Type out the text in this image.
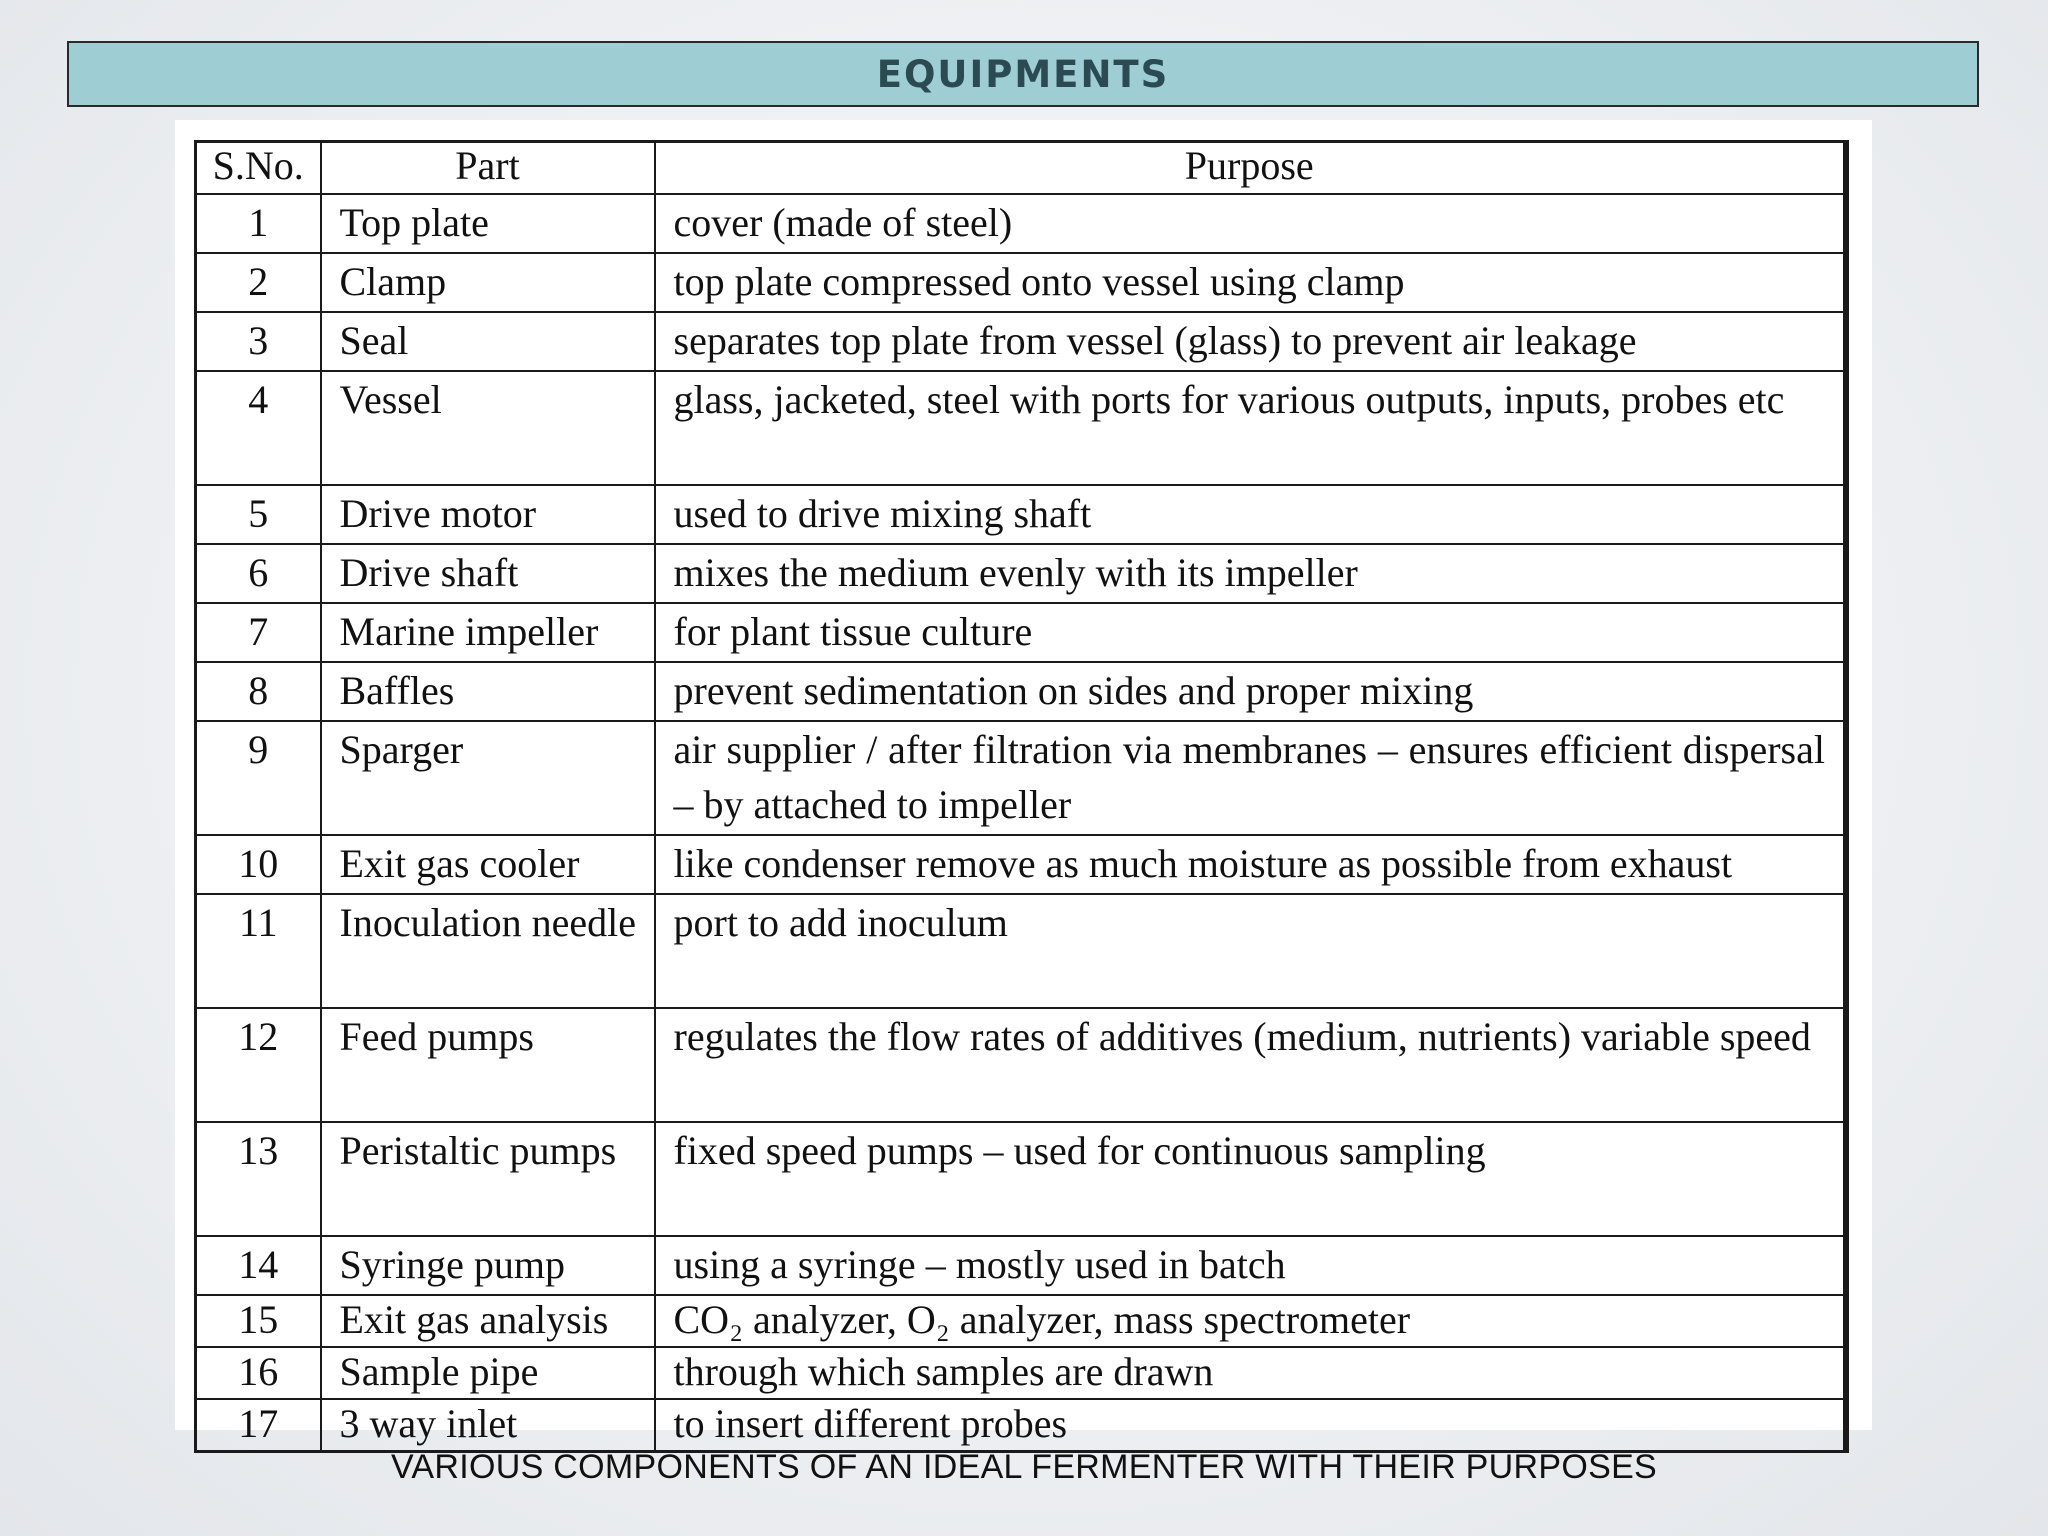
EQUIPMENTS
S.No.	Part	Purpose
1	Top plate	cover (made of steel)
2	Clamp	top plate compressed onto vessel using clamp
3	Seal	separates top plate from vessel (glass) to prevent air leakage
4	Vessel	glass, jacketed, steel with ports for various outputs, inputs, probes etc
5	Drive motor	used to drive mixing shaft
6	Drive shaft	mixes the medium evenly with its impeller
7	Marine impeller	for plant tissue culture
8	Baffles	prevent sedimentation on sides and proper mixing
9	Sparger	air supplier / after filtration via membranes – ensures efficient dispersal – by attached to impeller
10	Exit gas cooler	like condenser remove as much moisture as possible from exhaust
11	Inoculation needle	port to add inoculum
12	Feed pumps	regulates the flow rates of additives (medium, nutrients) variable speed
13	Peristaltic pumps	fixed speed pumps – used for continuous sampling
14	Syringe pump	using a syringe – mostly used in batch
15	Exit gas analysis	CO₂ analyzer, O₂ analyzer, mass spectrometer
16	Sample pipe	through which samples are drawn
17	3 way inlet	to insert different probes
VARIOUS COMPONENTS OF AN IDEAL FERMENTER WITH THEIR PURPOSES
